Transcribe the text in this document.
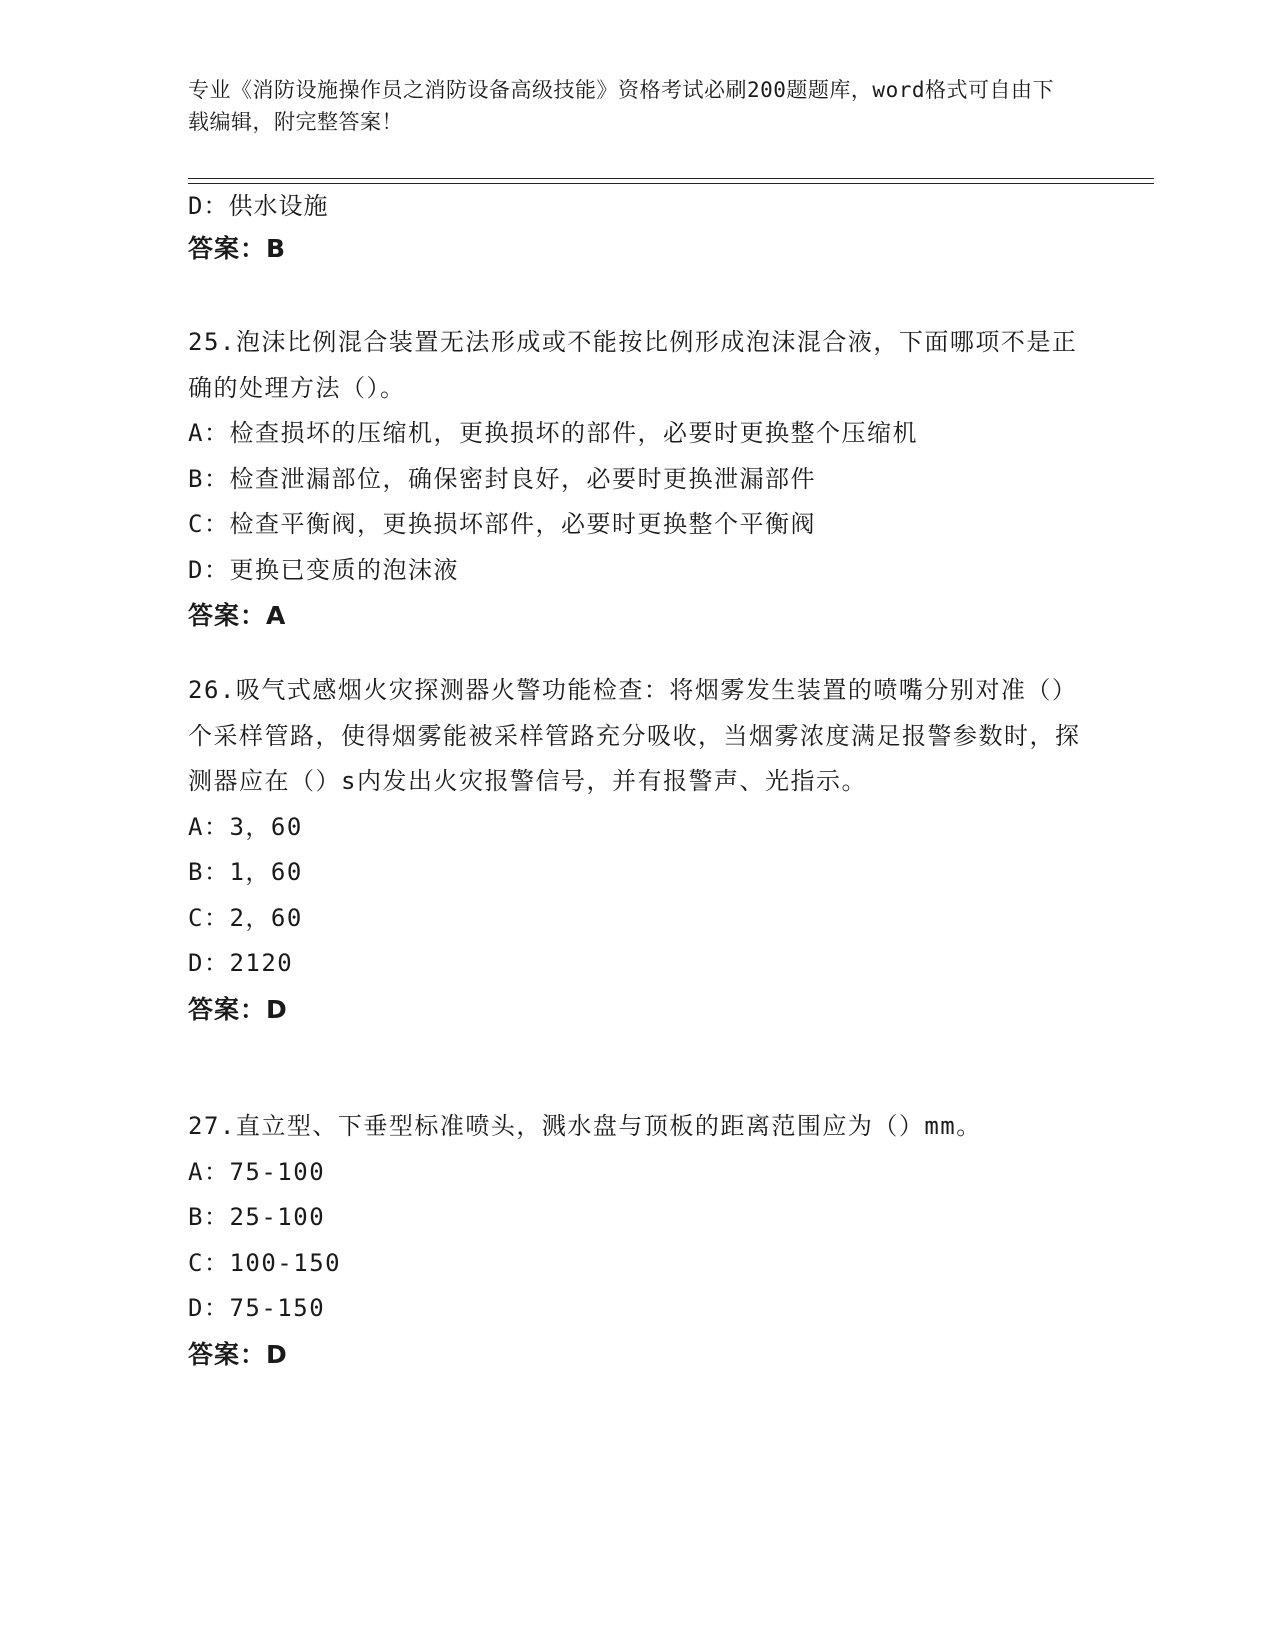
专业《消防设施操作员之消防设备高级技能》资格考试必刷200题题库，word格式可自由下载编辑，附完整答案！
D：供水设施
答案：B
25.泡沫比例混合装置无法形成或不能按比例形成泡沫混合液，下面哪项不是正确的处理方法（）。
A：检查损坏的压缩机，更换损坏的部件，必要时更换整个压缩机
B：检查泄漏部位，确保密封良好，必要时更换泄漏部件
C：检查平衡阀，更换损坏部件，必要时更换整个平衡阀
D：更换已变质的泡沫液
答案：A
26.吸气式感烟火灾探测器火警功能检查：将烟雾发生装置的喷嘴分别对准（）个采样管路，使得烟雾能被采样管路充分吸收，当烟雾浓度满足报警参数时，探测器应在（）s内发出火灾报警信号，并有报警声、光指示。
A：3，60
B：1，60
C：2，60
D：2120
答案：D
27.直立型、下垂型标准喷头，溅水盘与顶板的距离范围应为（）mm。
A：75-100
B：25-100
C：100-150
D：75-150
答案：D
